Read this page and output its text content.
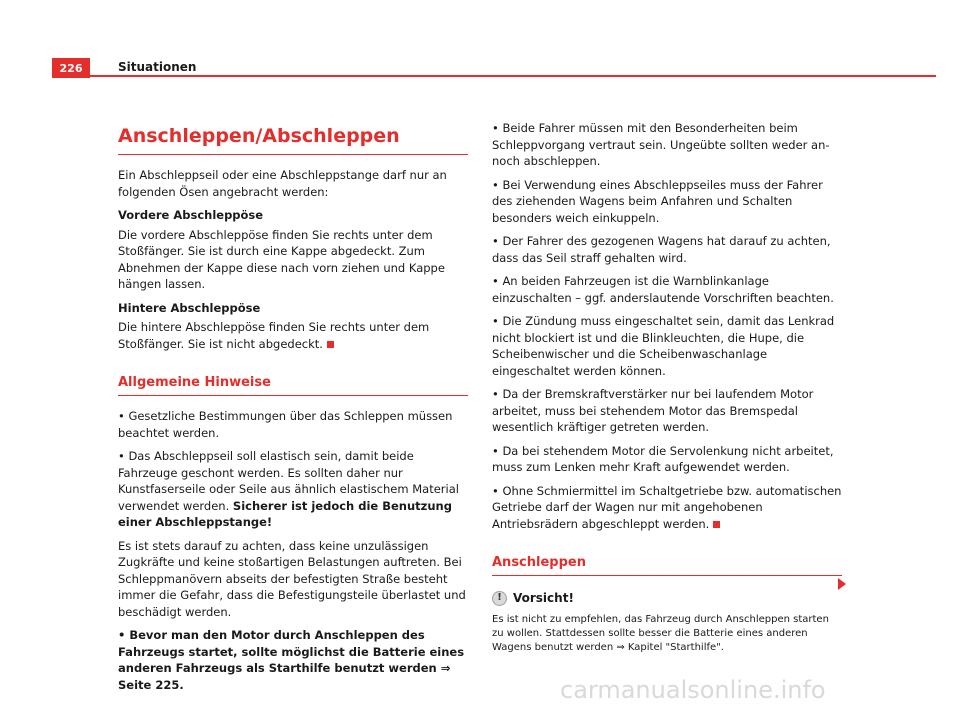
226	Situationen
Anschleppen/Abschleppen

Ein Abschleppseil oder eine Abschleppstange darf nur an folgenden Ösen angebracht werden:

Vordere Abschleppöse

Die vordere Abschleppöse finden Sie rechts unter dem Stoßfänger. Sie ist durch eine Kappe abgedeckt. Zum Abnehmen der Kappe diese nach vorn ziehen und Kappe hängen lassen.

Hintere Abschleppöse

Die hintere Abschleppöse finden Sie rechts unter dem Stoßfänger. Sie ist nicht abgedeckt.

Allgemeine Hinweise

• Gesetzliche Bestimmungen über das Schleppen müssen beachtet werden.

• Das Abschleppseil soll elastisch sein, damit beide Fahrzeuge geschont werden. Es sollten daher nur Kunstfaserseile oder Seile aus ähnlich elastischem Material verwendet werden. Sicherer ist jedoch die Benutzung einer Abschleppstange!

Es ist stets darauf zu achten, dass keine unzulässigen Zugkräfte und keine stoßartigen Belastungen auftreten. Bei Schleppmanövern abseits der befestigten Straße besteht immer die Gefahr, dass die Befestigungsteile überlastet und beschädigt werden.

• Bevor man den Motor durch Anschleppen des Fahrzeugs startet, sollte möglichst die Batterie eines anderen Fahrzeugs als Starthilfe benutzt werden ⇒ Seite 225.

• Beide Fahrer müssen mit den Besonderheiten beim Schleppvorgang vertraut sein. Ungeübte sollten weder an- noch abschleppen.

• Bei Verwendung eines Abschleppseiles muss der Fahrer des ziehenden Wagens beim Anfahren und Schalten besonders weich einkuppeln.

• Der Fahrer des gezogenen Wagens hat darauf zu achten, dass das Seil straff gehalten wird.

• An beiden Fahrzeugen ist die Warnblinkanlage einzuschalten – ggf. anderslautende Vorschriften beachten.

• Die Zündung muss eingeschaltet sein, damit das Lenkrad nicht blockiert ist und die Blinkleuchten, die Hupe, die Scheibenwischer und die Scheibenwaschanlage eingeschaltet werden können.

• Da der Bremskraftverstärker nur bei laufendem Motor arbeitet, muss bei stehendem Motor das Bremspedal wesentlich kräftiger getreten werden.

• Da bei stehendem Motor die Servolenkung nicht arbeitet, muss zum Lenken mehr Kraft aufgewendet werden.

• Ohne Schmiermittel im Schaltgetriebe bzw. automatischen Getriebe darf der Wagen nur mit angehobenen Antriebsrädern abgeschleppt werden.

Anschleppen
! Vorsicht!
Es ist nicht zu empfehlen, das Fahrzeug durch Anschleppen starten zu wollen. Stattdessen sollte besser die Batterie eines anderen Wagens benutzt werden ⇒ Kapitel "Starthilfe".
carmanualsonline.info
